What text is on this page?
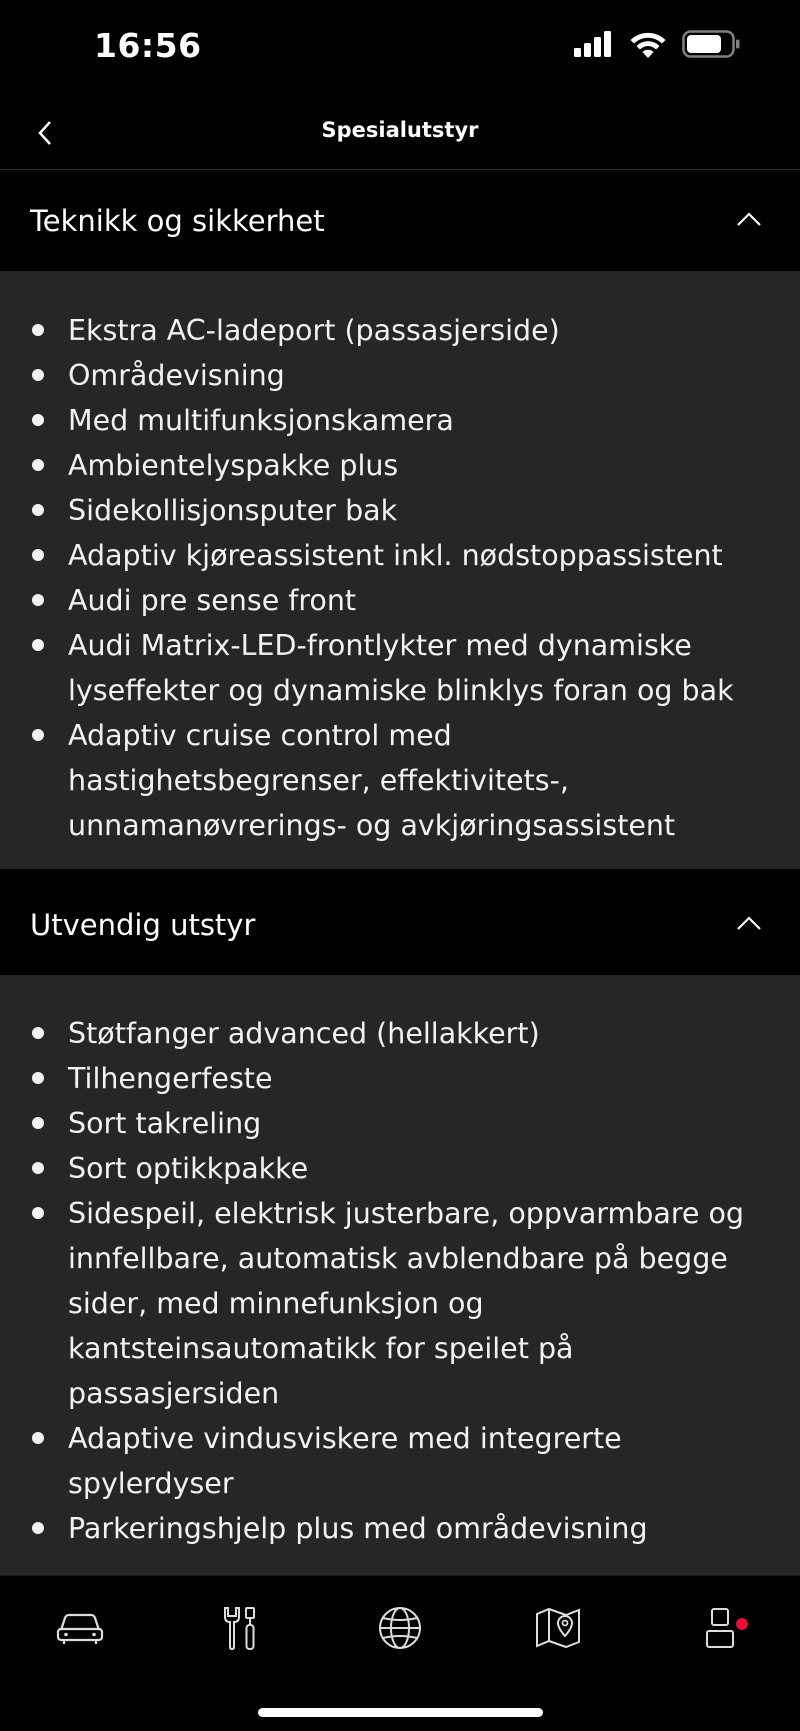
16:56
Spesialutstyr
Teknikk og sikkerhet
Ekstra AC-ladeport (passasjerside)
Områdevisning
Med multifunksjonskamera
Ambientelyspakke plus
Sidekollisjonsputer bak
Adaptiv kjøreassistent inkl. nødstoppassistent
Audi pre sense front
Audi Matrix-LED-frontlykter med dynamiske lyseffekter og dynamiske blinklys foran og bak
Adaptiv cruise control med hastighetsbegrenser, effektivitets-, unnamanøvrerings- og avkjøringsassistent
Utvendig utstyr
Støtfanger advanced (hellakkert)
Tilhengerfeste
Sort takreling
Sort optikkpakke
Sidespeil, elektrisk justerbare, oppvarmbare og innfellbare, automatisk avblendbare på begge sider, med minnefunksjon og kantsteinsautomatikk for speilet på passasjersiden
Adaptive vindusviskere med integrerte spylerdyser
Parkeringshjelp plus med områdevisning
